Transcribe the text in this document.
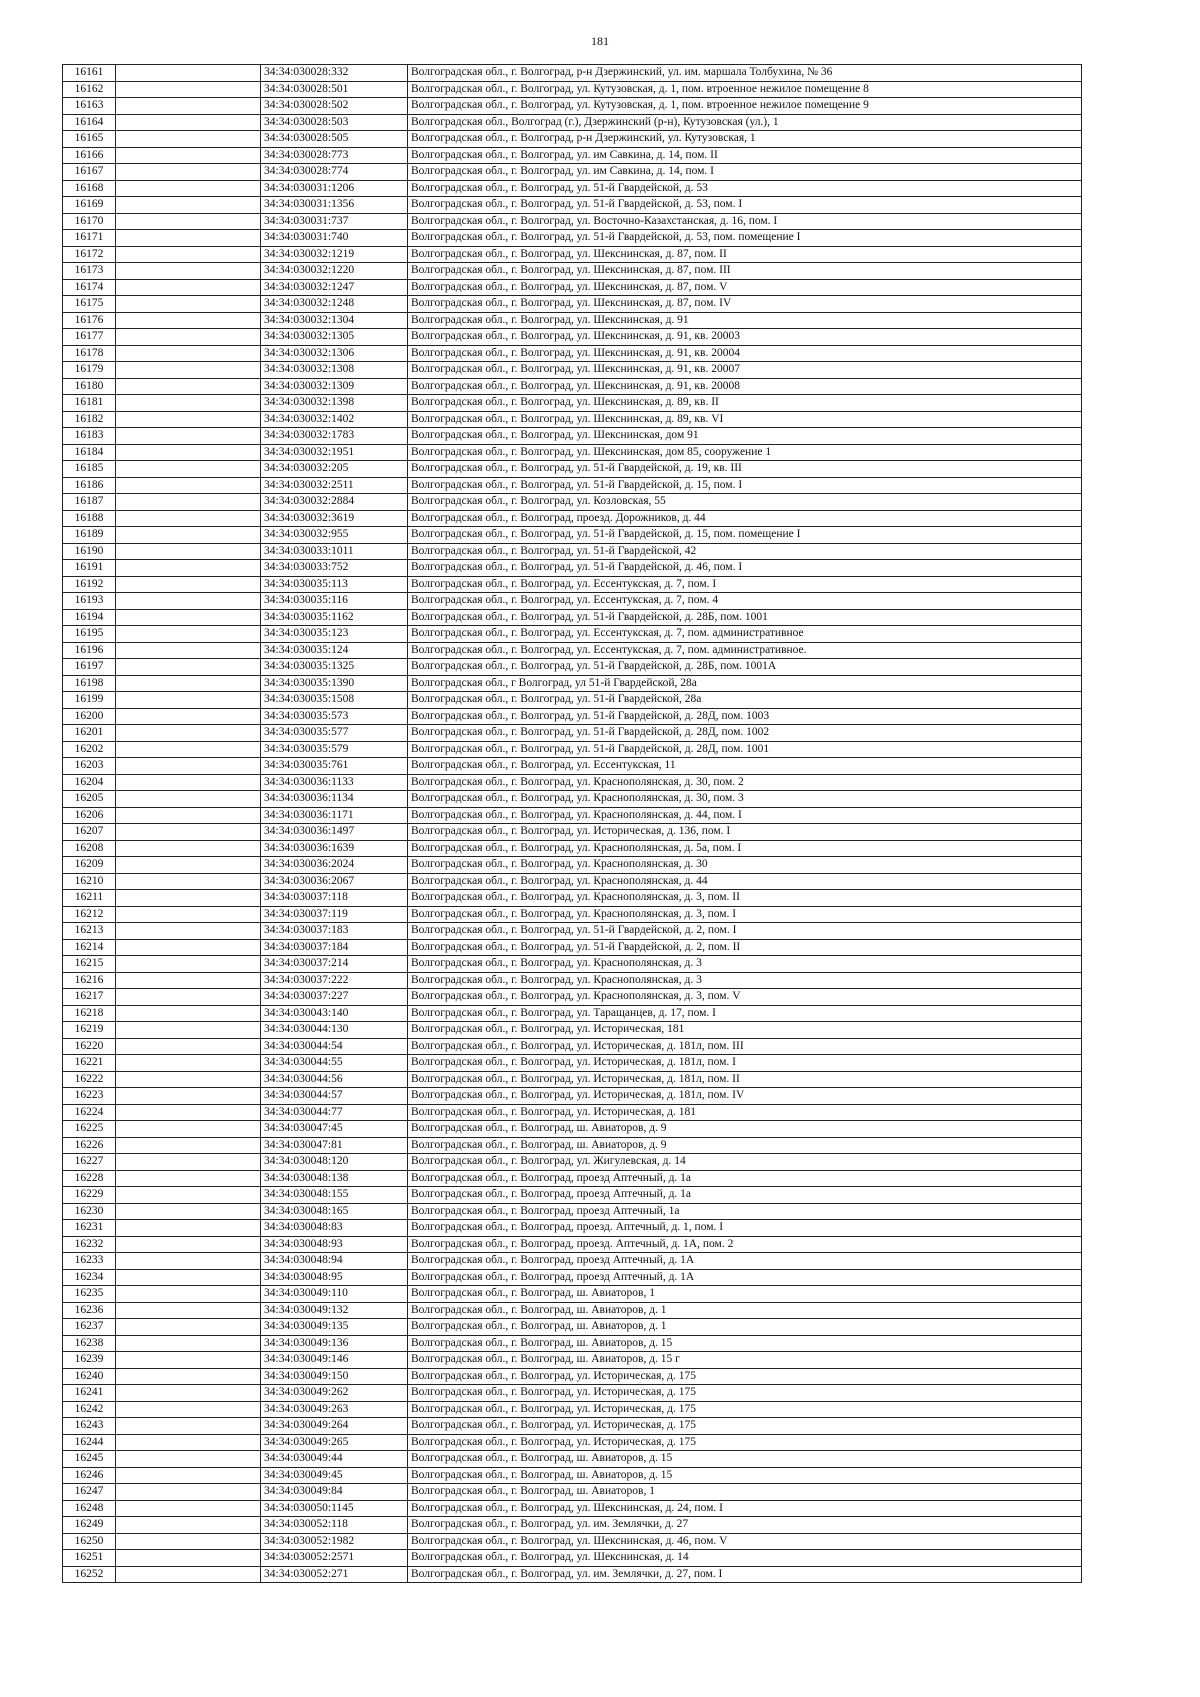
181
16161		34:34:030028:332	Волгоградская обл., г. Волгоград, р-н Дзержинский, ул. им. маршала Толбухина, № 36
16162		34:34:030028:501	Волгоградская обл., г. Волгоград, ул. Кутузовская, д. 1, пом. втроенное нежилое помещение 8
16163		34:34:030028:502	Волгоградская обл., г. Волгоград, ул. Кутузовская, д. 1, пом. втроенное нежилое помещение 9
16164		34:34:030028:503	Волгоградская обл., Волгоград (г.), Дзержинский (р-н), Кутузовская (ул.), 1
16165		34:34:030028:505	Волгоградская обл., г. Волгоград, р-н Дзержинский, ул. Кутузовская, 1
16166		34:34:030028:773	Волгоградская обл., г. Волгоград, ул. им Савкина, д. 14, пом. II
16167		34:34:030028:774	Волгоградская обл., г. Волгоград, ул. им Савкина, д. 14, пом. I
16168		34:34:030031:1206	Волгоградская обл., г. Волгоград, ул. 51-й Гвардейской, д. 53
16169		34:34:030031:1356	Волгоградская обл., г. Волгоград, ул. 51-й Гвардейской, д. 53, пом. I
16170		34:34:030031:737	Волгоградская обл., г. Волгоград, ул. Восточно-Казахстанская, д. 16, пом. I
16171		34:34:030031:740	Волгоградская обл., г. Волгоград, ул. 51-й Гвардейской, д. 53, пом. помещение I
16172		34:34:030032:1219	Волгоградская обл., г. Волгоград, ул. Шекснинская, д. 87, пом. II
16173		34:34:030032:1220	Волгоградская обл., г. Волгоград, ул. Шекснинская, д. 87, пом. III
16174		34:34:030032:1247	Волгоградская обл., г. Волгоград, ул. Шекснинская, д. 87, пом. V
16175		34:34:030032:1248	Волгоградская обл., г. Волгоград, ул. Шекснинская, д. 87, пом. IV
16176		34:34:030032:1304	Волгоградская обл., г. Волгоград, ул. Шекснинская, д. 91
16177		34:34:030032:1305	Волгоградская обл., г. Волгоград, ул. Шекснинская, д. 91, кв. 20003
16178		34:34:030032:1306	Волгоградская обл., г. Волгоград, ул. Шекснинская, д. 91, кв. 20004
16179		34:34:030032:1308	Волгоградская обл., г. Волгоград, ул. Шекснинская, д. 91, кв. 20007
16180		34:34:030032:1309	Волгоградская обл., г. Волгоград, ул. Шекснинская, д. 91, кв. 20008
16181		34:34:030032:1398	Волгоградская обл., г. Волгоград, ул. Шекснинская, д. 89, кв. II
16182		34:34:030032:1402	Волгоградская обл., г. Волгоград, ул. Шекснинская, д. 89, кв. VI
16183		34:34:030032:1783	Волгоградская обл., г. Волгоград, ул. Шекснинская, дом 91
16184		34:34:030032:1951	Волгоградская обл., г. Волгоград, ул. Шекснинская, дом 85, сооружение 1
16185		34:34:030032:205	Волгоградская обл., г. Волгоград, ул. 51-й Гвардейской, д. 19, кв. III
16186		34:34:030032:2511	Волгоградская обл., г. Волгоград, ул. 51-й Гвардейской, д. 15, пом. I
16187		34:34:030032:2884	Волгоградская обл., г. Волгоград, ул. Козловская, 55
16188		34:34:030032:3619	Волгоградская обл., г. Волгоград, проезд. Дорожников, д. 44
16189		34:34:030032:955	Волгоградская обл., г. Волгоград, ул. 51-й Гвардейской, д. 15, пом. помещение I
16190		34:34:030033:1011	Волгоградская обл., г. Волгоград, ул. 51-й Гвардейской, 42
16191		34:34:030033:752	Волгоградская обл., г. Волгоград, ул. 51-й Гвардейской, д. 46, пом. I
16192		34:34:030035:113	Волгоградская обл., г. Волгоград, ул. Ессентукская, д. 7, пом. I
16193		34:34:030035:116	Волгоградская обл., г. Волгоград, ул. Ессентукская, д. 7, пом. 4
16194		34:34:030035:1162	Волгоградская обл., г. Волгоград, ул. 51-й Гвардейской, д. 28Б, пом. 1001
16195		34:34:030035:123	Волгоградская обл., г. Волгоград, ул. Ессентукская, д. 7, пом. административное
16196		34:34:030035:124	Волгоградская обл., г. Волгоград, ул. Ессентукская, д. 7, пом. административное.
16197		34:34:030035:1325	Волгоградская обл., г. Волгоград, ул. 51-й Гвардейской, д. 28Б, пом. 1001А
16198		34:34:030035:1390	Волгоградская обл., г Волгоград, ул 51-й Гвардейской, 28а
16199		34:34:030035:1508	Волгоградская обл., г. Волгоград, ул. 51-й Гвардейской, 28а
16200		34:34:030035:573	Волгоградская обл., г. Волгоград, ул. 51-й Гвардейской, д. 28Д, пом. 1003
16201		34:34:030035:577	Волгоградская обл., г. Волгоград, ул. 51-й Гвардейской, д. 28Д, пом. 1002
16202		34:34:030035:579	Волгоградская обл., г. Волгоград, ул. 51-й Гвардейской, д. 28Д, пом. 1001
16203		34:34:030035:761	Волгоградская обл., г. Волгоград, ул. Ессентукская, 11
16204		34:34:030036:1133	Волгоградская обл., г. Волгоград, ул. Краснополянская, д. 30, пом. 2
16205		34:34:030036:1134	Волгоградская обл., г. Волгоград, ул. Краснополянская, д. 30, пом. 3
16206		34:34:030036:1171	Волгоградская обл., г. Волгоград, ул. Краснополянская, д. 44, пом. I
16207		34:34:030036:1497	Волгоградская обл., г. Волгоград, ул. Историческая, д. 136, пом. I
16208		34:34:030036:1639	Волгоградская обл., г. Волгоград, ул. Краснополянская, д. 5а, пом. I
16209		34:34:030036:2024	Волгоградская обл., г. Волгоград, ул. Краснополянская, д. 30
16210		34:34:030036:2067	Волгоградская обл., г. Волгоград, ул. Краснополянская, д. 44
16211		34:34:030037:118	Волгоградская обл., г. Волгоград, ул. Краснополянская, д. 3, пом. II
16212		34:34:030037:119	Волгоградская обл., г. Волгоград, ул. Краснополянская, д. 3, пом. I
16213		34:34:030037:183	Волгоградская обл., г. Волгоград, ул. 51-й Гвардейской, д. 2, пом. I
16214		34:34:030037:184	Волгоградская обл., г. Волгоград, ул. 51-й Гвардейской, д. 2, пом. II
16215		34:34:030037:214	Волгоградская обл., г. Волгоград, ул. Краснополянская, д. 3
16216		34:34:030037:222	Волгоградская обл., г. Волгоград, ул. Краснополянская, д. 3
16217		34:34:030037:227	Волгоградская обл., г. Волгоград, ул. Краснополянская, д. 3, пом. V
16218		34:34:030043:140	Волгоградская обл., г. Волгоград, ул. Таращанцев, д. 17, пом. I
16219		34:34:030044:130	Волгоградская обл., г. Волгоград, ул. Историческая, 181
16220		34:34:030044:54	Волгоградская обл., г. Волгоград, ул. Историческая, д. 181л, пом. III
16221		34:34:030044:55	Волгоградская обл., г. Волгоград, ул. Историческая, д. 181л, пом. I
16222		34:34:030044:56	Волгоградская обл., г. Волгоград, ул. Историческая, д. 181л, пом. II
16223		34:34:030044:57	Волгоградская обл., г. Волгоград, ул. Историческая, д. 181л, пом. IV
16224		34:34:030044:77	Волгоградская обл., г. Волгоград, ул. Историческая, д. 181
16225		34:34:030047:45	Волгоградская обл., г. Волгоград, ш. Авиаторов, д. 9
16226		34:34:030047:81	Волгоградская обл., г. Волгоград, ш. Авиаторов, д. 9
16227		34:34:030048:120	Волгоградская обл., г. Волгоград, ул. Жигулевская, д. 14
16228		34:34:030048:138	Волгоградская обл., г. Волгоград, проезд Аптечный, д. 1а
16229		34:34:030048:155	Волгоградская обл., г. Волгоград, проезд Аптечный, д. 1а
16230		34:34:030048:165	Волгоградская обл., г. Волгоград, проезд Аптечный, 1а
16231		34:34:030048:83	Волгоградская обл., г. Волгоград, проезд. Аптечный, д. 1, пом. I
16232		34:34:030048:93	Волгоградская обл., г. Волгоград, проезд. Аптечный, д. 1А, пом. 2
16233		34:34:030048:94	Волгоградская обл., г. Волгоград, проезд Аптечный, д. 1А
16234		34:34:030048:95	Волгоградская обл., г. Волгоград, проезд Аптечный, д. 1А
16235		34:34:030049:110	Волгоградская обл., г. Волгоград, ш. Авиаторов, 1
16236		34:34:030049:132	Волгоградская обл., г. Волгоград, ш. Авиаторов, д. 1
16237		34:34:030049:135	Волгоградская обл., г. Волгоград, ш. Авиаторов, д. 1
16238		34:34:030049:136	Волгоградская обл., г. Волгоград, ш. Авиаторов, д. 15
16239		34:34:030049:146	Волгоградская обл., г. Волгоград, ш. Авиаторов, д. 15 г
16240		34:34:030049:150	Волгоградская обл., г. Волгоград, ул. Историческая, д. 175
16241		34:34:030049:262	Волгоградская обл., г. Волгоград, ул. Историческая, д. 175
16242		34:34:030049:263	Волгоградская обл., г. Волгоград, ул. Историческая, д. 175
16243		34:34:030049:264	Волгоградская обл., г. Волгоград, ул. Историческая, д. 175
16244		34:34:030049:265	Волгоградская обл., г. Волгоград, ул. Историческая, д. 175
16245		34:34:030049:44	Волгоградская обл., г. Волгоград, ш. Авиаторов, д. 15
16246		34:34:030049:45	Волгоградская обл., г. Волгоград, ш. Авиаторов, д. 15
16247		34:34:030049:84	Волгоградская обл., г. Волгоград, ш. Авиаторов, 1
16248		34:34:030050:1145	Волгоградская обл., г. Волгоград, ул. Шекснинская, д. 24, пом. I
16249		34:34:030052:118	Волгоградская обл., г. Волгоград, ул. им. Землячки, д. 27
16250		34:34:030052:1982	Волгоградская обл., г. Волгоград, ул. Шекснинская, д. 46, пом. V
16251		34:34:030052:2571	Волгоградская обл., г. Волгоград, ул. Шекснинская, д. 14
16252		34:34:030052:271	Волгоградская обл., г. Волгоград, ул. им. Землячки, д. 27, пом. I
